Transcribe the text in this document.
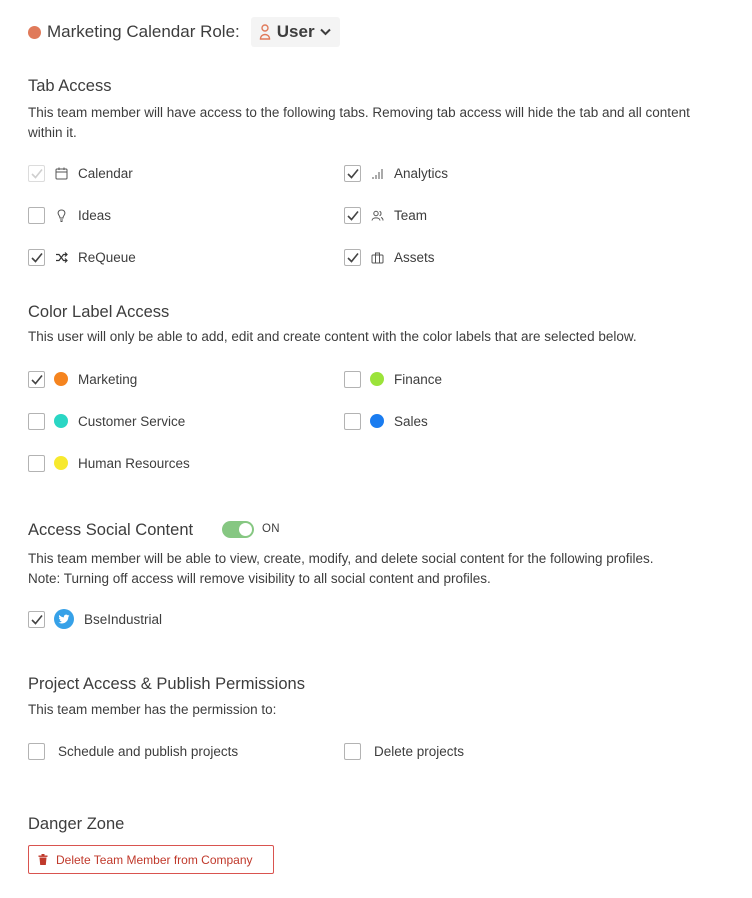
Marketing Calendar Role: User
Tab Access
This team member will have access to the following tabs. Removing tab access will hide the tab and all content within it.
Calendar	Analytics
Ideas	Team
ReQueue	Assets
Color Label Access
This user will only be able to add, edit and create content with the color labels that are selected below.
Marketing	Finance
Customer Service	Sales
Human Resources
Access Social Content	ON
This team member will be able to view, create, modify, and delete social content for the following profiles.
Note: Turning off access will remove visibility to all social content and profiles.
BseIndustrial
Project Access & Publish Permissions
This team member has the permission to:
Schedule and publish projects	Delete projects
Danger Zone
Delete Team Member from Company
